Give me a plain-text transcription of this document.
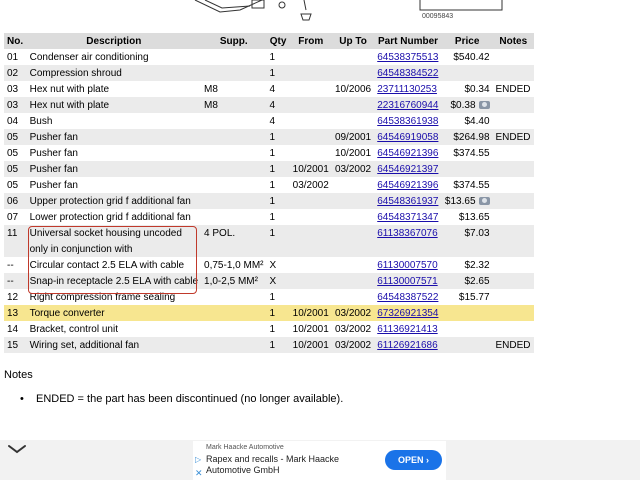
00095843
No.	Description	Supp.	Qty	From	Up To	Part Number	Price	Notes
01	Condenser air conditioning		1			64538375513	$540.42	
02	Compression shroud		1			64548384522		
03	Hex nut with plate	M8	4		10/2006	23711130253	$0.34	ENDED
03	Hex nut with plate	M8	4			22316760944	$0.38	
04	Bush		4			64538361938	$4.40	
05	Pusher fan		1		09/2001	64546919058	$264.98	ENDED
05	Pusher fan		1		10/2001	64546921396	$374.55	
05	Pusher fan		1	10/2001	03/2002	64546921397		
05	Pusher fan		1	03/2002		64546921396	$374.55	
06	Upper protection grid f additional fan		1			64548361937	$13.65	
07	Lower protection grid f additional fan		1			64548371347	$13.65	
11	Universal socket housing uncoded	4 POL.	1			61138367076	$7.03	
	only in conjunction with							
--	Circular contact 2.5 ELA with cable	0,75-1,0 MM²	X			61130007570	$2.32	
--	Snap-in receptacle 2.5 ELA with cable	1,0-2,5 MM²	X			61130007571	$2.65	
12	Right compression frame sealing		1			64548387522	$15.77	
13	Torque converter		1	10/2001	03/2002	67326921354		
14	Bracket, control unit		1	10/2001	03/2002	61136921413		
15	Wiring set, additional fan		1	10/2001	03/2002	61126921686		ENDED
Notes
• ENDED = the part has been discontinued (no longer available).
▷
✕
Mark Haacke Automotive
Rapex and recalls - Mark Haacke Automotive GmbH
OPEN ›
